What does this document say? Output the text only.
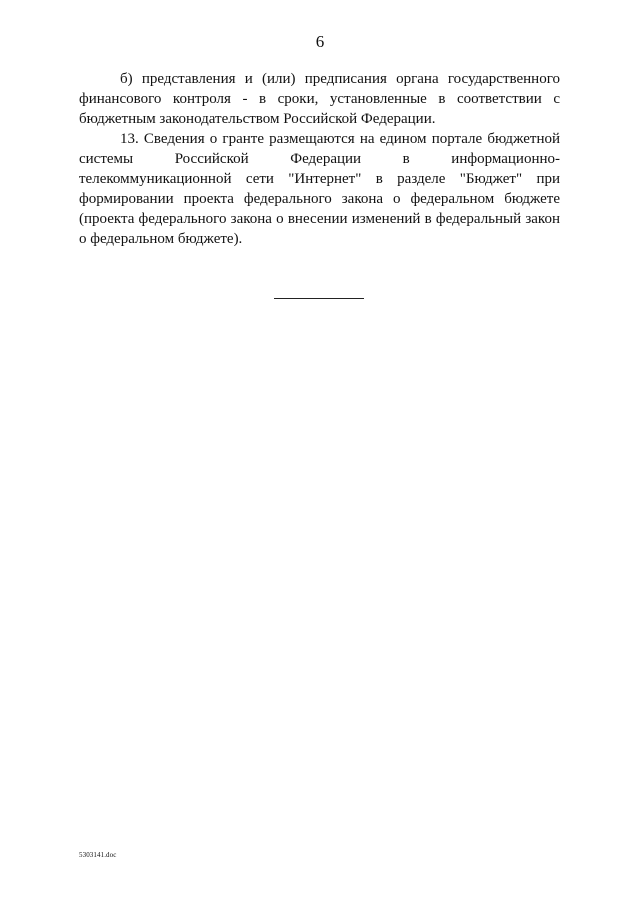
6

б) представления и (или) предписания органа государственного финансового контроля - в сроки, установленные в соответствии с бюджетным законодательством Российской Федерации.

13. Сведения о гранте размещаются на едином портале бюджетной системы Российской Федерации в информационно-телекоммуникационной сети "Интернет" в разделе "Бюджет" при формировании проекта федерального закона о федеральном бюджете (проекта федерального закона о внесении изменений в федеральный закон о федеральном бюджете).

5303141.doc
